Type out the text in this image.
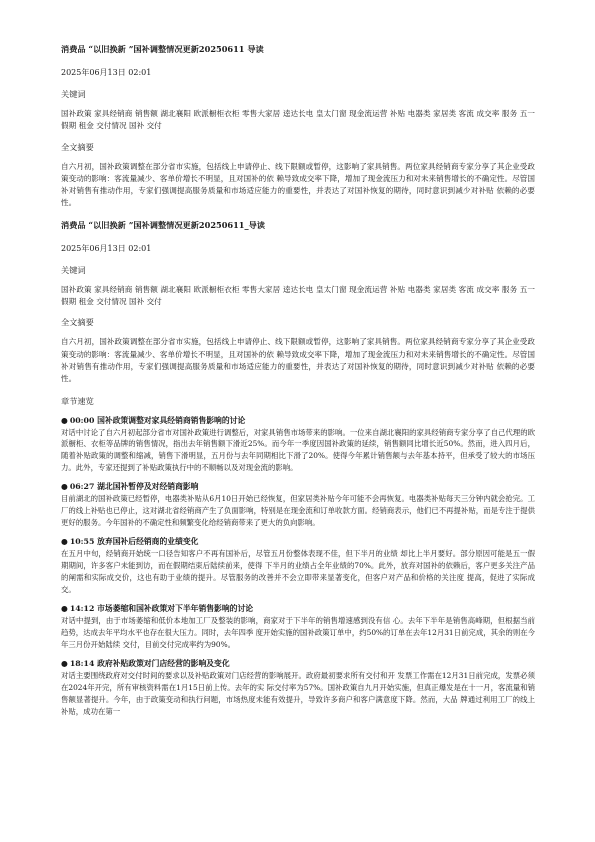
消费品 “以旧换新 ”国补调整情况更新20250611 导读
2025年06月13日 02:01
关键词
国补政策 家具经销商 销售额 湖北襄阳 欧派橱柜衣柜 零售大家居 逵达长电 皇太门窗 现金流运营 补贴 电器类 家居类 客流 成交率 服务 五一假期 租金 交付情况 国补 交付
全文摘要
自六月初，国补政策调整在部分省市实施，包括线上申请停止、线下限额或暂停，这影响了家具销售。两位家具经销商专家分享了其企业受政策变动的影响：客流量减少、客单价增长不明显，且对国补的依 赖导致成交率下降，增加了现金流压力和对未来销售增长的不确定性。尽管国补对销售有推动作用，专家们强调提高服务质量和市场适应能力的重要性，并表达了对国补恢复的期待，同时意识到减少对补贴 依赖的必要性。
消费品 “以旧换新 ”国补调整情况更新20250611_导读
2025年06月13日 02:01
关键词
国补政策 家具经销商 销售额 湖北襄阳 欧派橱柜衣柜 零售大家居 逵达长电 皇太门窗 现金流运营 补贴 电器类 家居类 客流 成交率 服务 五一假期 租金 交付情况 国补 交付
全文摘要
自六月初，国补政策调整在部分省市实施，包括线上申请停止、线下限额或暂停，这影响了家具销售。两位家具经销商专家分享了其企业受政策变动的影响：客流量减少、客单价增长不明显，且对国补的依 赖导致成交率下降，增加了现金流压力和对未来销售增长的不确定性。尽管国补对销售有推动作用，专家们强调提高服务质量和市场适应能力的重要性，并表达了对国补恢复的期待，同时意识到减少对补贴 依赖的必要性。
章节速览
● 00:00 国补政策调整对家具经销商销售影响的讨论
对话中讨论了自六月初起部分省市对国补政策进行调整后，对家具销售市场带来的影响。一位来自湖北襄阳的家具经销商专家分享了自己代理的欧派橱柜、衣柜等品牌的销售情况，指出去年销售额下滑近25%。而今年一季度因国补政策的延续，销售额同比增长近50%。然而，进入四月后，随着补贴政策的调整和缩减，销售下滑明显，五月份与去年同期相比下滑了20%。使得今年累计销售额与去年基本持平，但承受了较大的市场压力。此外，专家还提到了补贴政策执行中的不顺畅以及对现金流的影响。
● 06:27 湖北国补暂停及对经销商影响
目前湖北的国补政策已经暂停，电器类补贴从6月10日开始已经恢复，但家居类补贴今年可能不会再恢复。电器类补贴每天三分钟内就会抢完。工厂的线上补贴也已停止，这对湖北省经销商产生了负面影响，特别是在现金流和订单收款方面。经销商表示，他们已不再提补贴，而是专注于提供更好的服务。今年国补的不确定性和频繁变化给经销商带来了更大的负向影响。
● 10:55 放弃国补后经销商的业绩变化
在五月中旬，经销商开始统一口径告知客户不再有国补后，尽管五月份整体表现不佳，但下半月的业绩 却比上半月要好。部分原因可能是五一假期期间，许多客户未能到访，而在假期结束后陆续前来，使得 下半月的业绩占全年业绩的70%。此外，放弃对国补的依赖后，客户更多关注产品的阐需和实际成交价，这也有助于业绩的提升。尽管服务的改善并不会立即带来显著变化，但客户对产品和价格的关注度 提高，促进了实际成交。
● 14:12 市场萎缩和国补政策对下半年销售影响的讨论
对话中提到，由于市场萎缩和低价本地加工厂及整装的影响，商家对于下半年的销售增速感到没有信 心。去年下半年是销售高峰期，但根据当前趋势，达成去年平均水平也存在很大压力。同时，去年四季 度开始实施的国补政策订单中，约50%的订单在去年12月31日前完成，其余的则在今年三月份开始陆续 交付，目前交付完成率约为90%。
● 18:14 政府补贴政策对门店经营的影响及变化
对话主要围绕政府对交付时间的要求以及补贴政策对门店经营的影响展开。政府最初要求所有交付和开 发票工作需在12月31日前完成，发票必须在2024年开完，所有审核资料需在1月15日前上传。去年的实 际交付率为57%。国补政策自九月开始实施，但真正爆发是在十一月，客流量和销售额显著提升。今年，由于政策变动和执行问题，市场热度未能有效提升，导致许多商户和客户满意度下降。然而，大品 牌通过利用工厂的线上补贴，成功在第一
